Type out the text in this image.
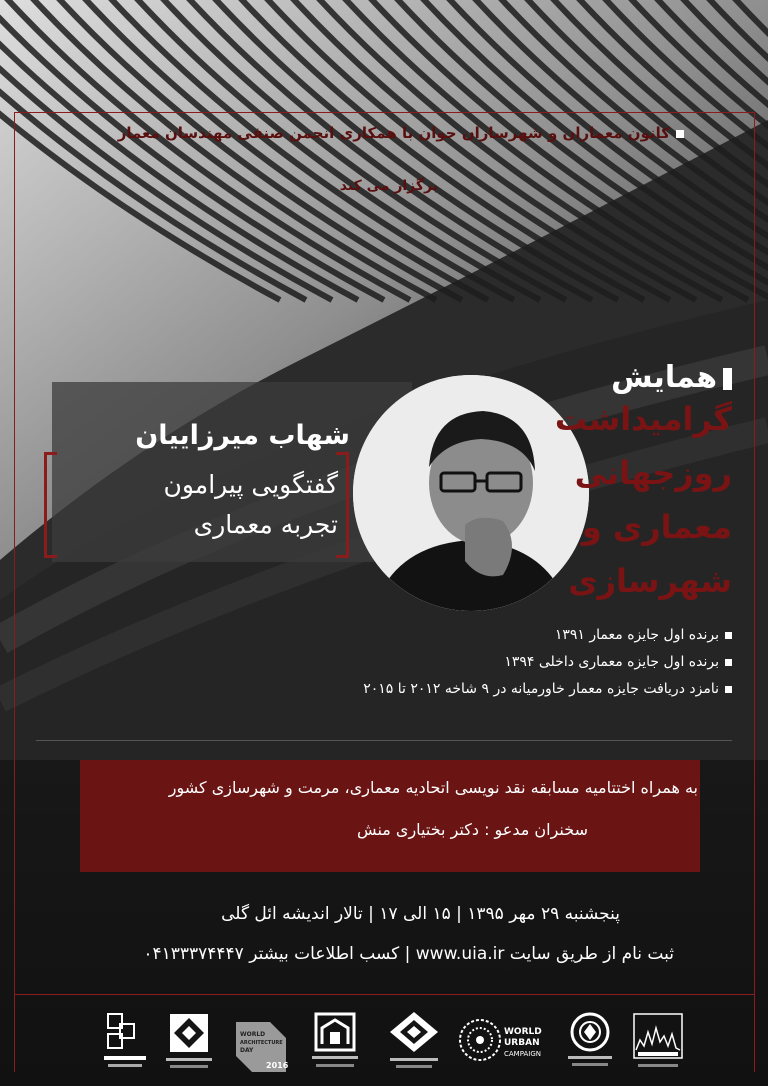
کانون معماران و شهرسازان جوان با همکاری انجمن صنفی مهندسان معمار
برگزار می کند
شهاب میرزاییان
گفتگویی پیرامون
تجربه معماری
همایش
گرامیداشت
روزجهانی
معماری و
شهرسازی
برنده اول جایزه معمار ۱۳۹۱
برنده اول جایزه معماری داخلی ۱۳۹۴
نامزد دریافت جایزه معمار خاورمیانه در ۹ شاخه ۲۰۱۲ تا ۲۰۱۵
به همراه اختتامیه مسابقه نقد نویسی اتحادیه معماری، مرمت و شهرسازی کشور
سخنران مدعو : دکتر بختیاری منش
پنجشنبه ۲۹ مهر ۱۳۹۵ | ۱۵ الی ۱۷ | تالار اندیشه ائل گلی
ثبت نام از طریق سایت www.uia.ir | کسب اطلاعات بیشتر ۰۴۱۳۳۳۷۴۴۴۷
WORLD
ARCHITECTURE
DAY
2016
WORLD
URBAN
CAMPAIGN
